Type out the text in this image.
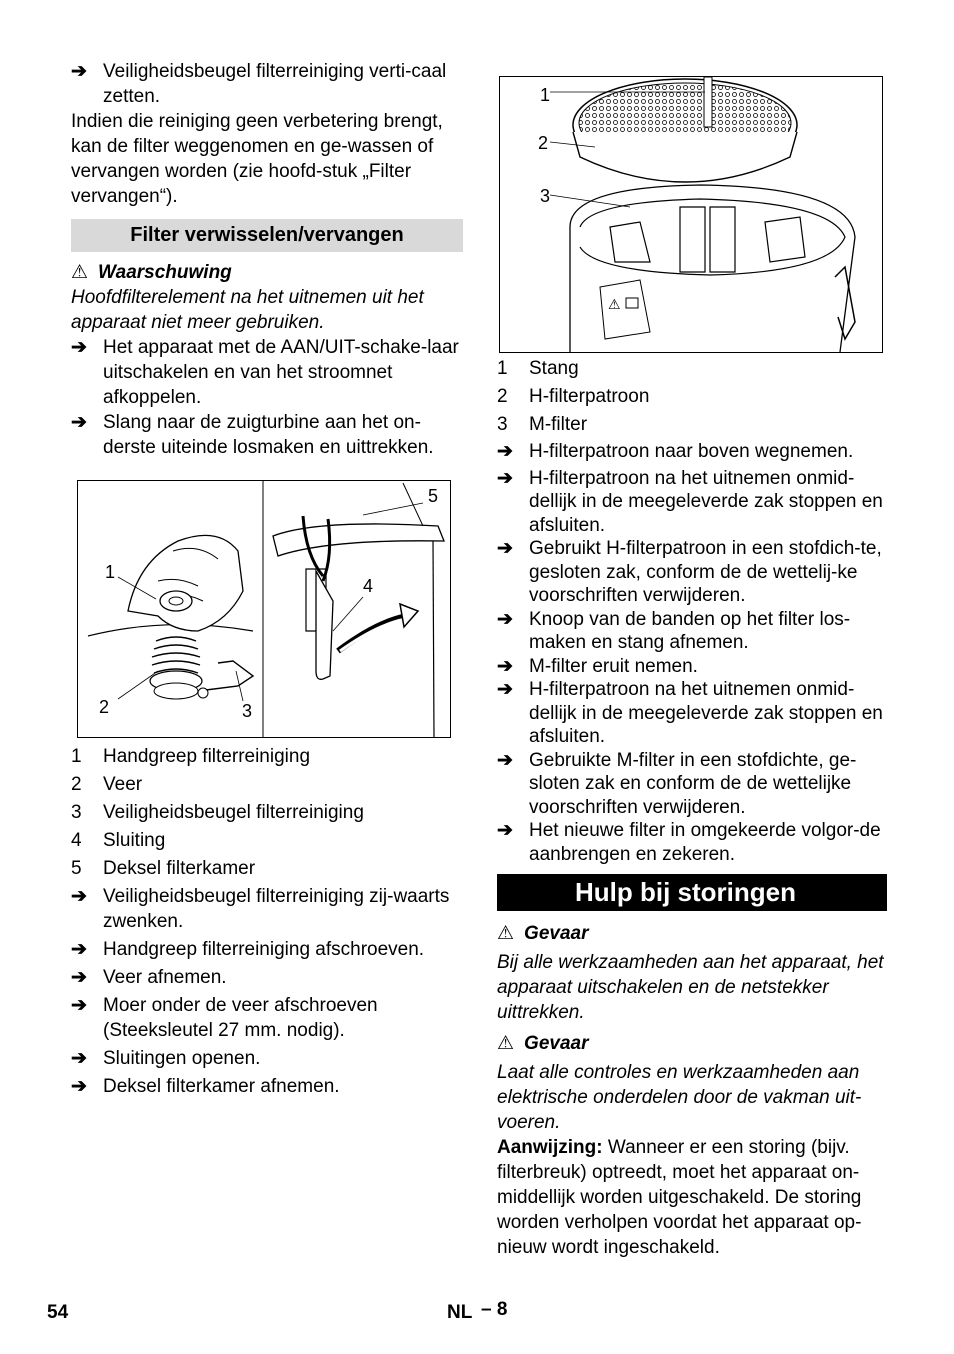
➔ Veiligheidsbeugel filterreiniging verti-caal zetten.

Indien die reiniging geen verbetering brengt, kan de filter weggenomen en ge-wassen of vervangen worden (zie hoofd-stuk „Filter vervangen“).

Filter verwisselen/vervangen
⚠ Waarschuwing

Hoofdfilterelement na het uitnemen uit het apparaat niet meer gebruiken.

➔ Het apparaat met de AAN/UIT-schake-laar uitschakelen en van het stroomnet afkoppelen.
➔ Slang naar de zuigturbine aan het on-derste uiteinde losmaken en uittrekken.
1
2	3
4
5
1 Handgreep filterreiniging
2 Veer
3 Veiligheidsbeugel filterreiniging
4 Sluiting
5 Deksel filterkamer
➔ Veiligheidsbeugel filterreiniging zij-waarts zwenken.
➔ Handgreep filterreiniging afschroeven.
➔ Veer afnemen.
➔ Moer onder de veer afschroeven (Steeksleutel 27 mm. nodig).
➔ Sluitingen openen.
➔ Deksel filterkamer afnemen.
⚠
1
2
3
1 Stang
2 H-filterpatroon
3 M-filter
➔ H-filterpatroon naar boven wegnemen.
➔ H-filterpatroon na het uitnemen onmid-dellijk in de meegeleverde zak stoppen en afsluiten.
➔ Gebruikt H-filterpatroon in een stofdich-te, gesloten zak, conform de de wettelij-ke voorschriften verwijderen.
➔ Knoop van de banden op het filter los-maken en stang afnemen.
➔ M-filter eruit nemen.
➔ H-filterpatroon na het uitnemen onmid-dellijk in de meegeleverde zak stoppen en afsluiten.
➔ Gebruikte M-filter in een stofdichte, ge-sloten zak en conform de de wettelijke voorschriften verwijderen.
➔ Het nieuwe filter in omgekeerde volgor-de aanbrengen en zekeren.
Hulp bij storingen
⚠ Gevaar

Bij alle werkzaamheden aan het apparaat, het apparaat uitschakelen en de netstekker uittrekken.

⚠ Gevaar

Laat alle controles en werkzaamheden aan elektrische onderdelen door de vakman uit-voeren.

Aanwijzing: Wanneer er een storing (bijv. filterbreuk) optreedt, moet het apparaat on-middellijk worden uitgeschakeld. De storing worden verholpen voordat het apparaat op-nieuw wordt ingeschakeld.

54	NL – 8
